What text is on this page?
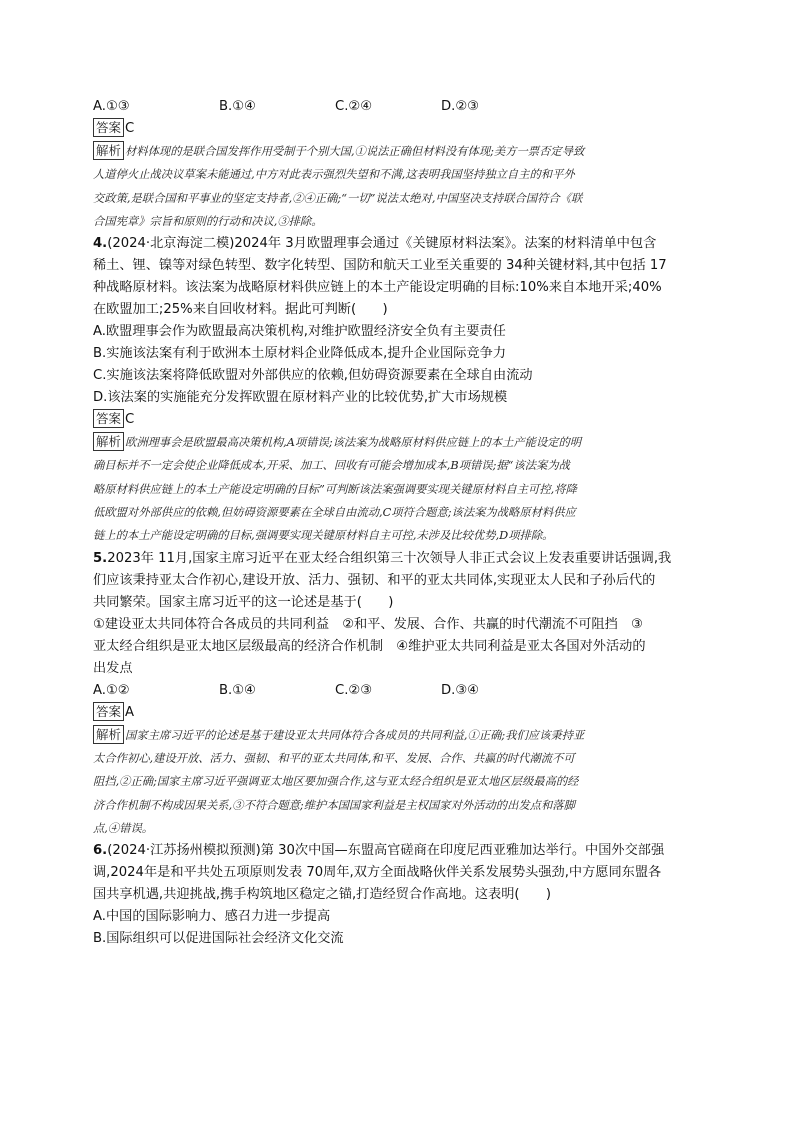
A.①③	B.①④	C.②④	D.②③
答案 C
解析 材料体现的是联合国发挥作用受制于个别大国,①说法正确但材料没有体现;美方一票否定导致
人道停火止战决议草案未能通过,中方对此表示强烈失望和不满,这表明我国坚持独立自主的和平外
交政策,是联合国和平事业的坚定支持者,②④正确;“一切”说法太绝对,中国坚决支持联合国符合《联
合国宪章》宗旨和原则的行动和决议,③排除。
4.(2024·北京海淀二模)2024年 3月欧盟理事会通过《关键原材料法案》。法案的材料清单中包含
稀土、锂、镍等对绿色转型、数字化转型、国防和航天工业至关重要的 34种关键材料,其中包括 17
种战略原材料。该法案为战略原材料供应链上的本土产能设定明确的目标:10%来自本地开采;40%
在欧盟加工;25%来自回收材料。据此可判断(　　)
A.欧盟理事会作为欧盟最高决策机构,对维护欧盟经济安全负有主要责任
B.实施该法案有利于欧洲本土原材料企业降低成本,提升企业国际竞争力
C.实施该法案将降低欧盟对外部供应的依赖,但妨碍资源要素在全球自由流动
D.该法案的实施能充分发挥欧盟在原材料产业的比较优势,扩大市场规模
答案 C
解析 欧洲理事会是欧盟最高决策机构,A项错误;该法案为战略原材料供应链上的本土产能设定的明
确目标并不一定会使企业降低成本,开采、加工、回收有可能会增加成本,B项错误;据“该法案为战
略原材料供应链上的本土产能设定明确的目标”可判断该法案强调要实现关键原材料自主可控,将降
低欧盟对外部供应的依赖,但妨碍资源要素在全球自由流动,C项符合题意;该法案为战略原材料供应
链上的本土产能设定明确的目标,强调要实现关键原材料自主可控,未涉及比较优势,D项排除。
5.2023年 11月,国家主席习近平在亚太经合组织第三十次领导人非正式会议上发表重要讲话强调,我
们应该秉持亚太合作初心,建设开放、活力、强韧、和平的亚太共同体,实现亚太人民和子孙后代的
共同繁荣。国家主席习近平的这一论述是基于(　　)
①建设亚太共同体符合各成员的共同利益　②和平、发展、合作、共赢的时代潮流不可阻挡　③
亚太经合组织是亚太地区层级最高的经济合作机制　④维护亚太共同利益是亚太各国对外活动的
出发点
A.①②	B.①④	C.②③	D.③④
答案 A
解析 国家主席习近平的论述是基于建设亚太共同体符合各成员的共同利益,①正确;我们应该秉持亚
太合作初心,建设开放、活力、强韧、和平的亚太共同体,和平、发展、合作、共赢的时代潮流不可
阻挡,②正确;国家主席习近平强调亚太地区要加强合作,这与亚太经合组织是亚太地区层级最高的经
济合作机制不构成因果关系,③不符合题意;维护本国国家利益是主权国家对外活动的出发点和落脚
点,④错误。
6.(2024·江苏扬州模拟预测)第 30次中国—东盟高官磋商在印度尼西亚雅加达举行。中国外交部强
调,2024年是和平共处五项原则发表 70周年,双方全面战略伙伴关系发展势头强劲,中方愿同东盟各
国共享机遇,共迎挑战,携手构筑地区稳定之锚,打造经贸合作高地。这表明(　　)
A.中国的国际影响力、感召力进一步提高
B.国际组织可以促进国际社会经济文化交流
